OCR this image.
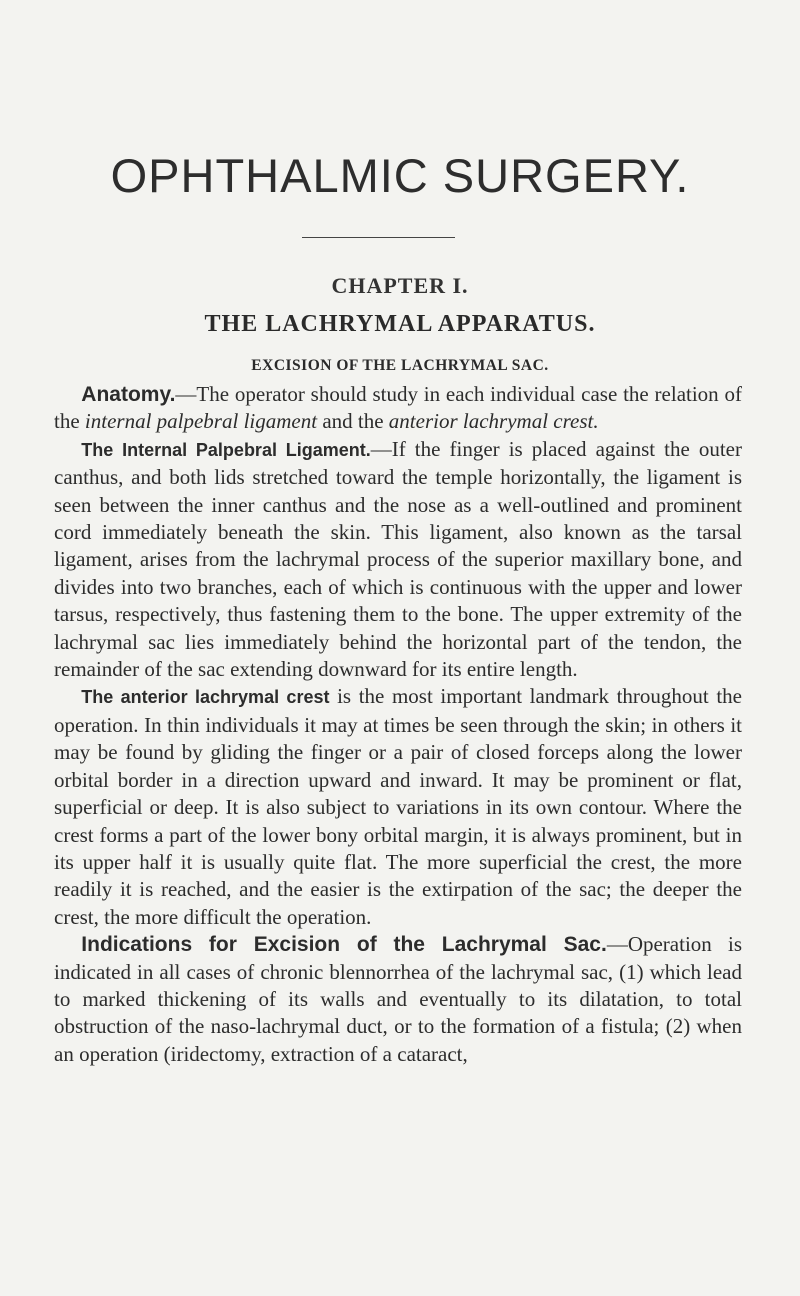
OPHTHALMIC SURGERY.
CHAPTER I.
THE LACHRYMAL APPARATUS.
EXCISION OF THE LACHRYMAL SAC.

Anatomy.—The operator should study in each individual case the relation of the internal palpebral ligament and the anterior lachrymal crest.

The Internal Palpebral Ligament.—If the finger is placed against the outer canthus, and both lids stretched toward the temple horizontally, the ligament is seen between the inner canthus and the nose as a well-outlined and prominent cord immediately beneath the skin. This ligament, also known as the tarsal ligament, arises from the lachrymal process of the superior maxillary bone, and divides into two branches, each of which is continuous with the upper and lower tarsus, respectively, thus fastening them to the bone. The upper extremity of the lachrymal sac lies immediately behind the horizontal part of the tendon, the remainder of the sac extending downward for its entire length.

The anterior lachrymal crest is the most important landmark throughout the operation. In thin individuals it may at times be seen through the skin; in others it may be found by gliding the finger or a pair of closed forceps along the lower orbital border in a direction upward and inward. It may be prominent or flat, superficial or deep. It is also subject to variations in its own contour. Where the crest forms a part of the lower bony orbital margin, it is always prominent, but in its upper half it is usually quite flat. The more superficial the crest, the more readily it is reached, and the easier is the extirpation of the sac; the deeper the crest, the more difficult the operation.

Indications for Excision of the Lachrymal Sac.—Operation is indicated in all cases of chronic blennorrhea of the lachrymal sac, (1) which lead to marked thickening of its walls and eventually to its dilatation, to total obstruction of the naso-lachrymal duct, or to the formation of a fistula; (2) when an operation (iridectomy, extraction of a cataract,
